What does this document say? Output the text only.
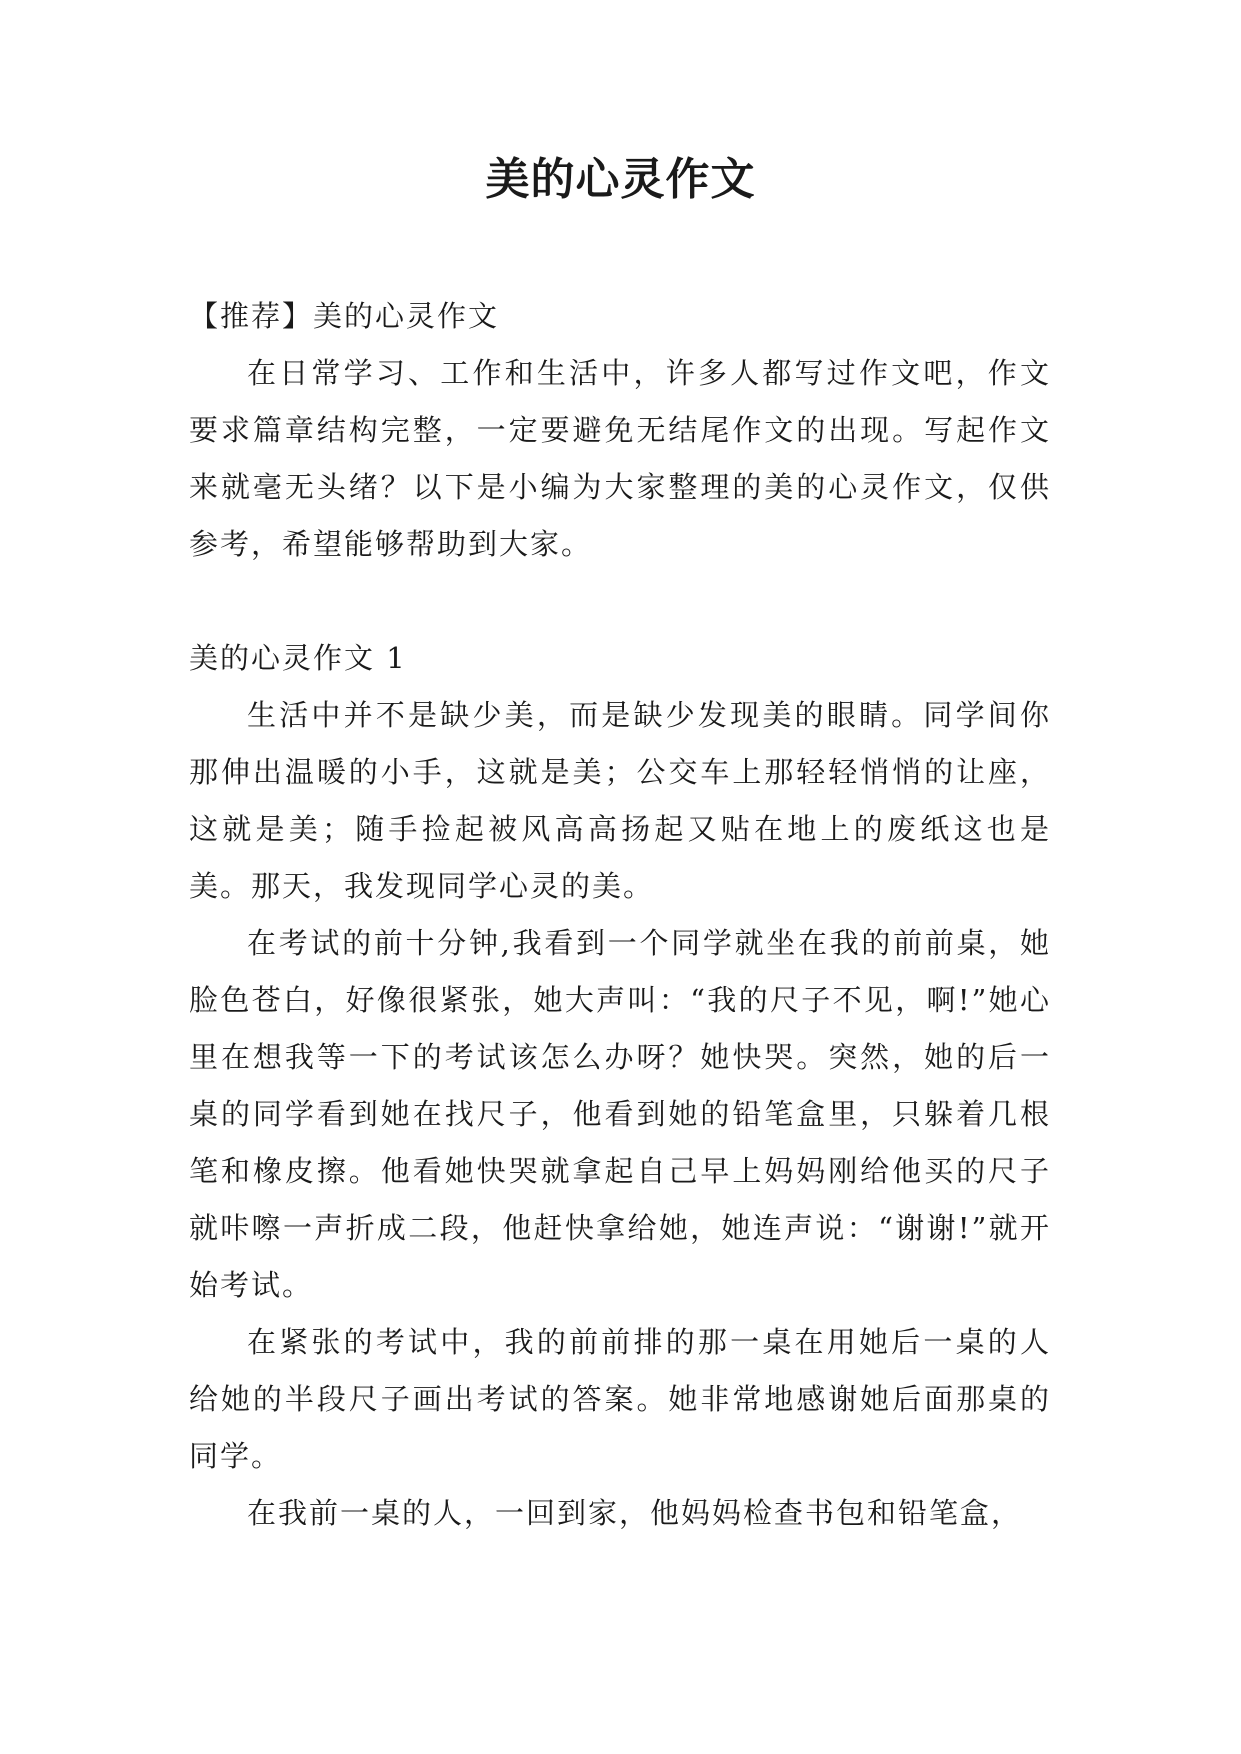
美的心灵作文

【推荐】美的心灵作文

在日常学习、工作和生活中，许多人都写过作文吧，作文要求篇章结构完整，一定要避免无结尾作文的出现。写起作文来就毫无头绪？以下是小编为大家整理的美的心灵作文，仅供参考，希望能够帮助到大家。

美的心灵作文 1

生活中并不是缺少美，而是缺少发现美的眼睛。同学间你那伸出温暖的小手，这就是美；公交车上那轻轻悄悄的让座，这就是美；随手捡起被风高高扬起又贴在地上的废纸这也是美。那天，我发现同学心灵的美。

在考试的前十分钟,我看到一个同学就坐在我的前前桌，她脸色苍白，好像很紧张，她大声叫：“我的尺子不见，啊!”她心里在想我等一下的考试该怎么办呀？她快哭。突然，她的后一桌的同学看到她在找尺子，他看到她的铅笔盒里，只躲着几根笔和橡皮擦。他看她快哭就拿起自己早上妈妈刚给他买的尺子就咔嚓一声折成二段，他赶快拿给她，她连声说：“谢谢!”就开始考试。

在紧张的考试中，我的前前排的那一桌在用她后一桌的人给她的半段尺子画出考试的答案。她非常地感谢她后面那桌的同学。

在我前一桌的人，一回到家，他妈妈检查书包和铅笔盒，
